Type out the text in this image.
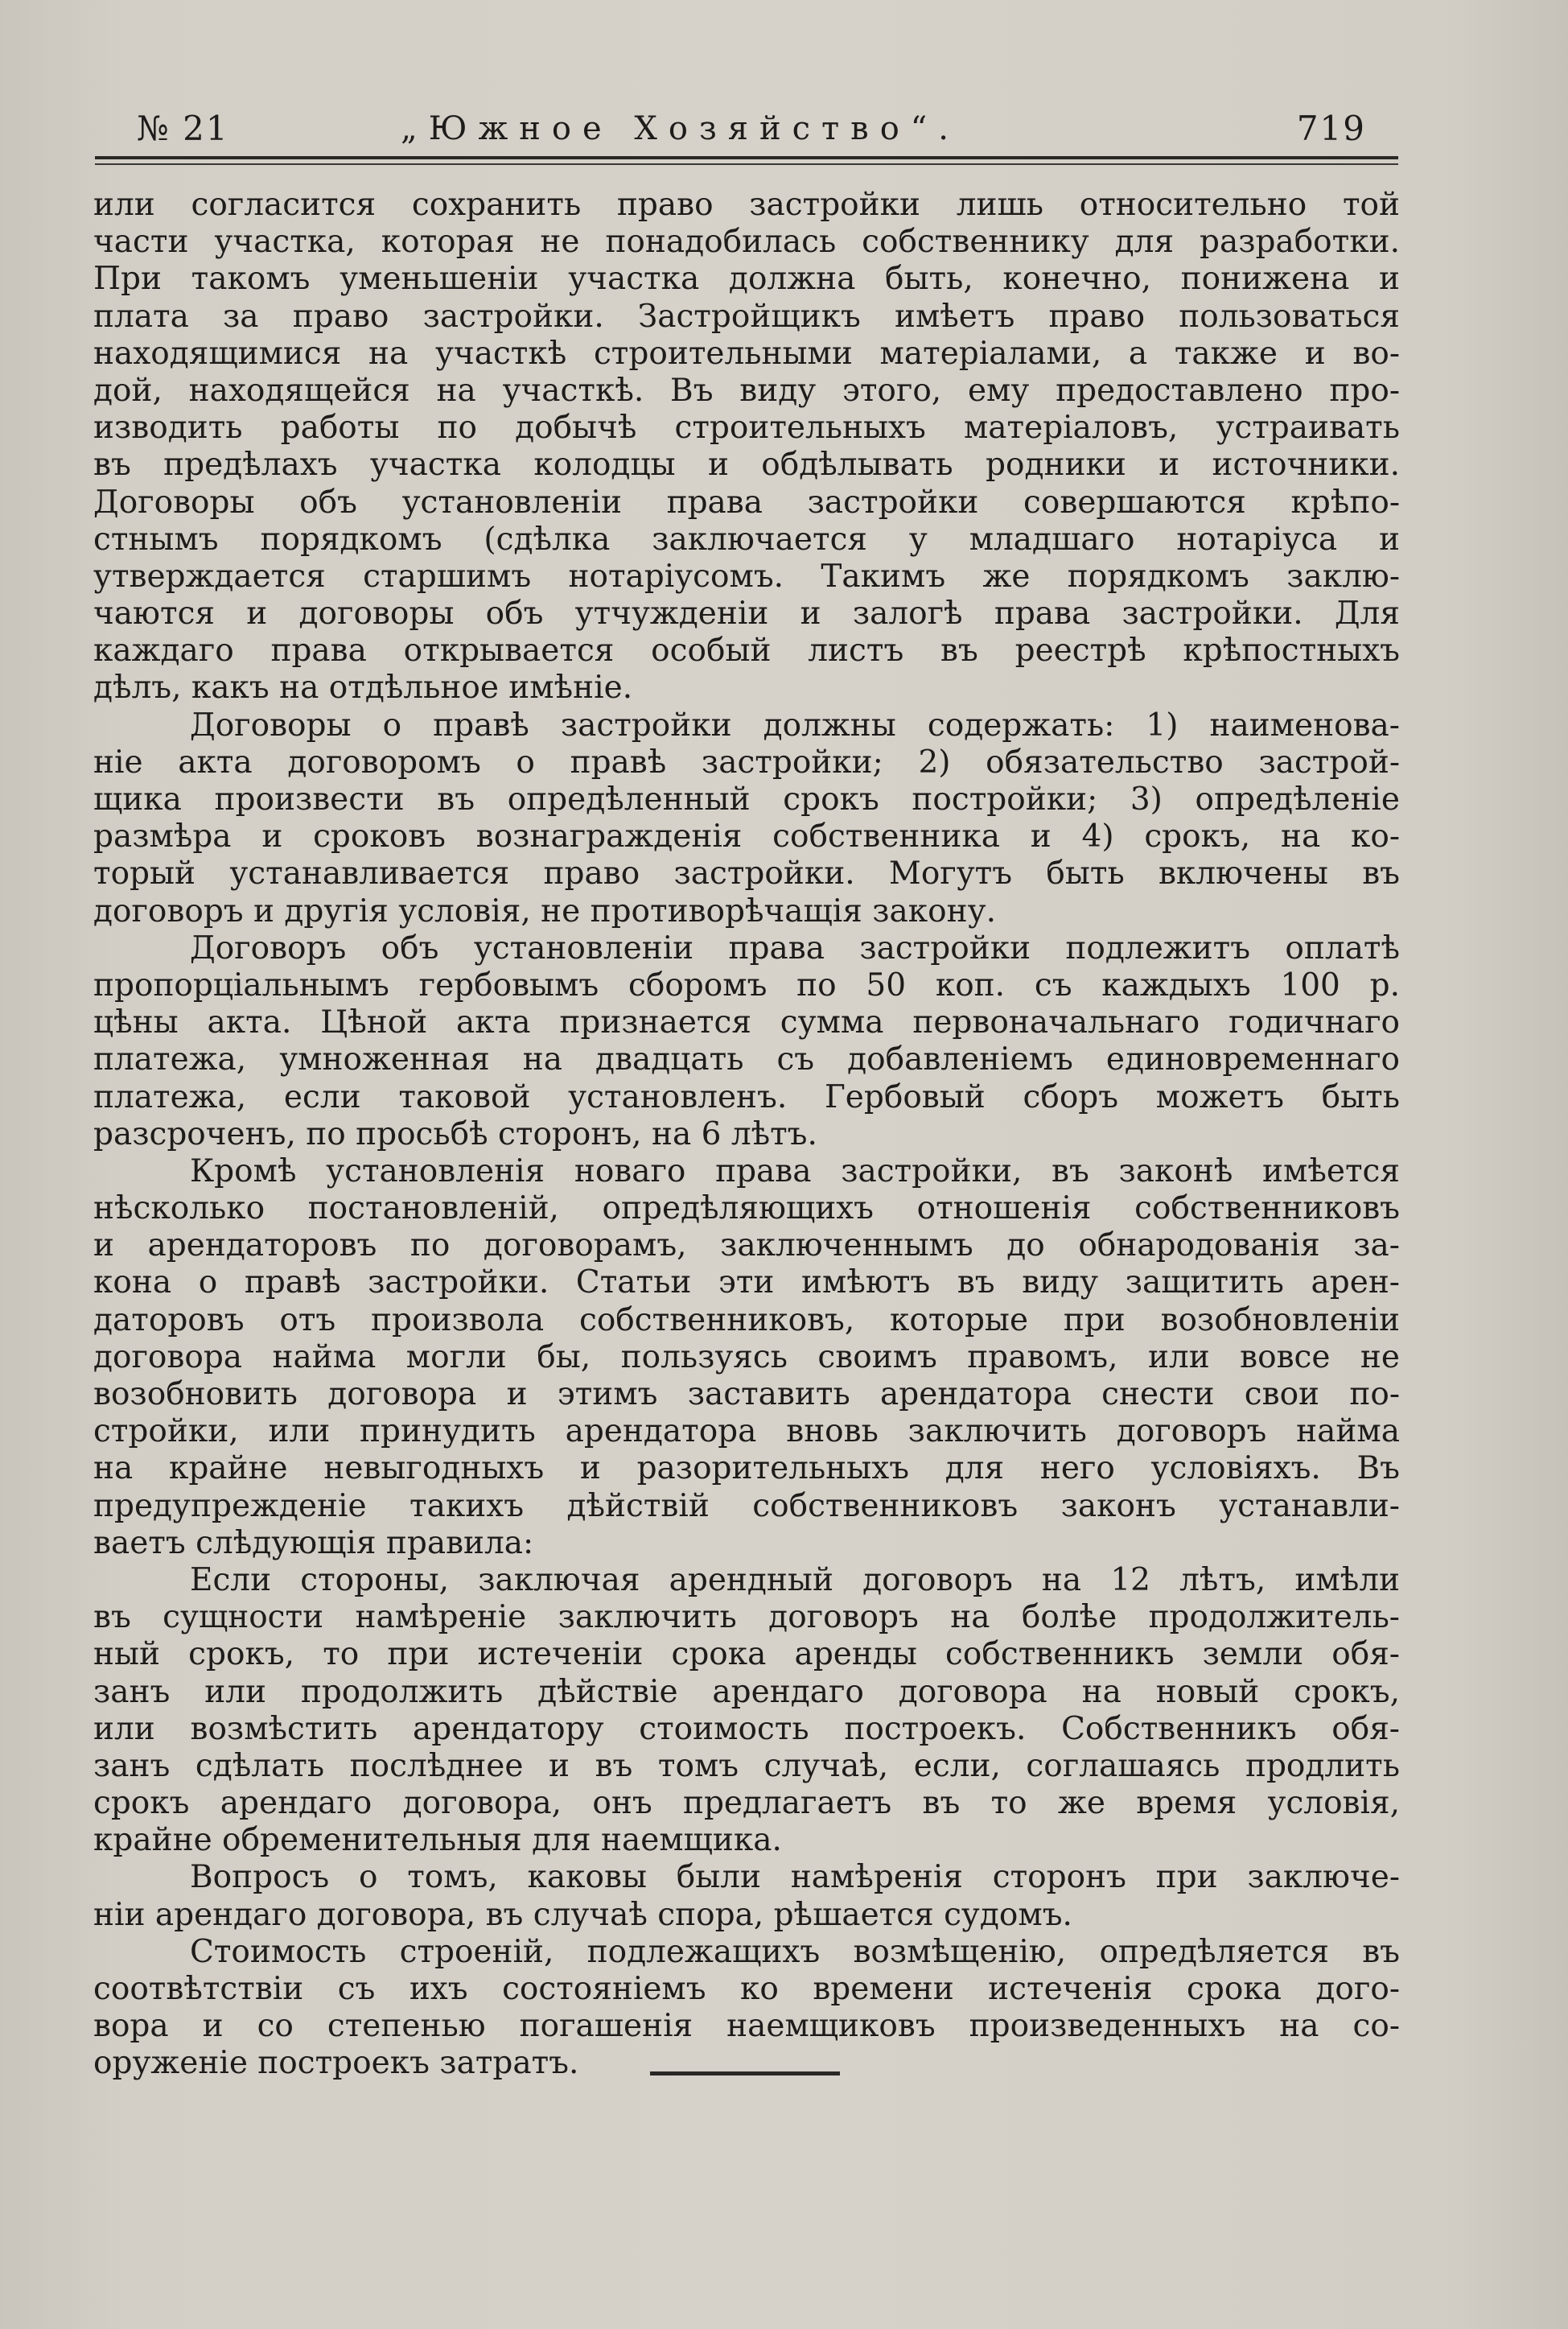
№ 21	„Южное Хозяйство“.	719
или согласится сохранить право застройки лишь относительно той
части участка, которая не понадобилась собственнику для разработки.
При такомъ уменьшеніи участка должна быть, конечно, понижена и
плата за право застройки. Застройщикъ имѣетъ право пользоваться
находящимися на участкѣ строительными матеріалами, а также и во-
дой, находящейся на участкѣ. Въ виду этого, ему предоставлено про-
изводить работы по добычѣ строительныхъ матеріаловъ, устраивать
въ предѣлахъ участка колодцы и обдѣлывать родники и источники.
Договоры объ установленіи права застройки совершаются крѣпо-
стнымъ порядкомъ (сдѣлка заключается у младшаго нотаріуса и
утверждается старшимъ нотаріусомъ. Такимъ же порядкомъ заклю-
чаются и договоры объ утчужденіи и залогѣ права застройки. Для
каждаго права открывается особый листъ въ реестрѣ крѣпостныхъ
дѣлъ, какъ на отдѣльное имѣніе.
Договоры о правѣ застройки должны содержать: 1) наименова-
ніе акта договоромъ о правѣ застройки; 2) обязательство застрой-
щика произвести въ опредѣленный срокъ постройки; 3) опредѣленіе
размѣра и сроковъ вознагражденія собственника и 4) срокъ, на ко-
торый устанавливается право застройки. Могутъ быть включены въ
договоръ и другія условія, не противорѣчащія закону.
Договоръ объ установленіи права застройки подлежитъ оплатѣ
пропорціальнымъ гербовымъ сборомъ по 50 коп. съ каждыхъ 100 р.
цѣны акта. Цѣной акта признается сумма первоначальнаго годичнаго
платежа, умноженная на двадцать съ добавленіемъ единовременнаго
платежа, если таковой установленъ. Гербовый сборъ можетъ быть
разсроченъ, по просьбѣ сторонъ, на 6 лѣтъ.
Кромѣ установленія новаго права застройки, въ законѣ имѣется
нѣсколько постановленій, опредѣляющихъ отношенія собственниковъ
и арендаторовъ по договорамъ, заключеннымъ до обнародованія за-
кона о правѣ застройки. Статьи эти имѣютъ въ виду защитить арен-
даторовъ отъ произвола собственниковъ, которые при возобновленіи
договора найма могли бы, пользуясь своимъ правомъ, или вовсе не
возобновить договора и этимъ заставить арендатора снести свои по-
стройки, или принудить арендатора вновь заключить договоръ найма
на крайне невыгодныхъ и разорительныхъ для него условіяхъ. Въ
предупрежденіе такихъ дѣйствій собственниковъ законъ устанавли-
ваетъ слѣдующія правила:
Если стороны, заключая арендный договоръ на 12 лѣтъ, имѣли
въ сущности намѣреніе заключить договоръ на болѣе продолжитель-
ный срокъ, то при истеченіи срока аренды собственникъ земли обя-
занъ или продолжить дѣйствіе арендаго договора на новый срокъ,
или возмѣстить арендатору стоимость построекъ. Собственникъ обя-
занъ сдѣлать послѣднее и въ томъ случаѣ, если, соглашаясь продлить
срокъ арендаго договора, онъ предлагаетъ въ то же время условія,
крайне обременительныя для наемщика.
Вопросъ о томъ, каковы были намѣренія сторонъ при заключе-
ніи арендаго договора, въ случаѣ спора, рѣшается судомъ.
Стоимость строеній, подлежащихъ возмѣщенію, опредѣляется въ
соотвѣтствіи съ ихъ состояніемъ ко времени истеченія срока дого-
вора и со степенью погашенія наемщиковъ произведенныхъ на со-
оруженіе построекъ затратъ.
